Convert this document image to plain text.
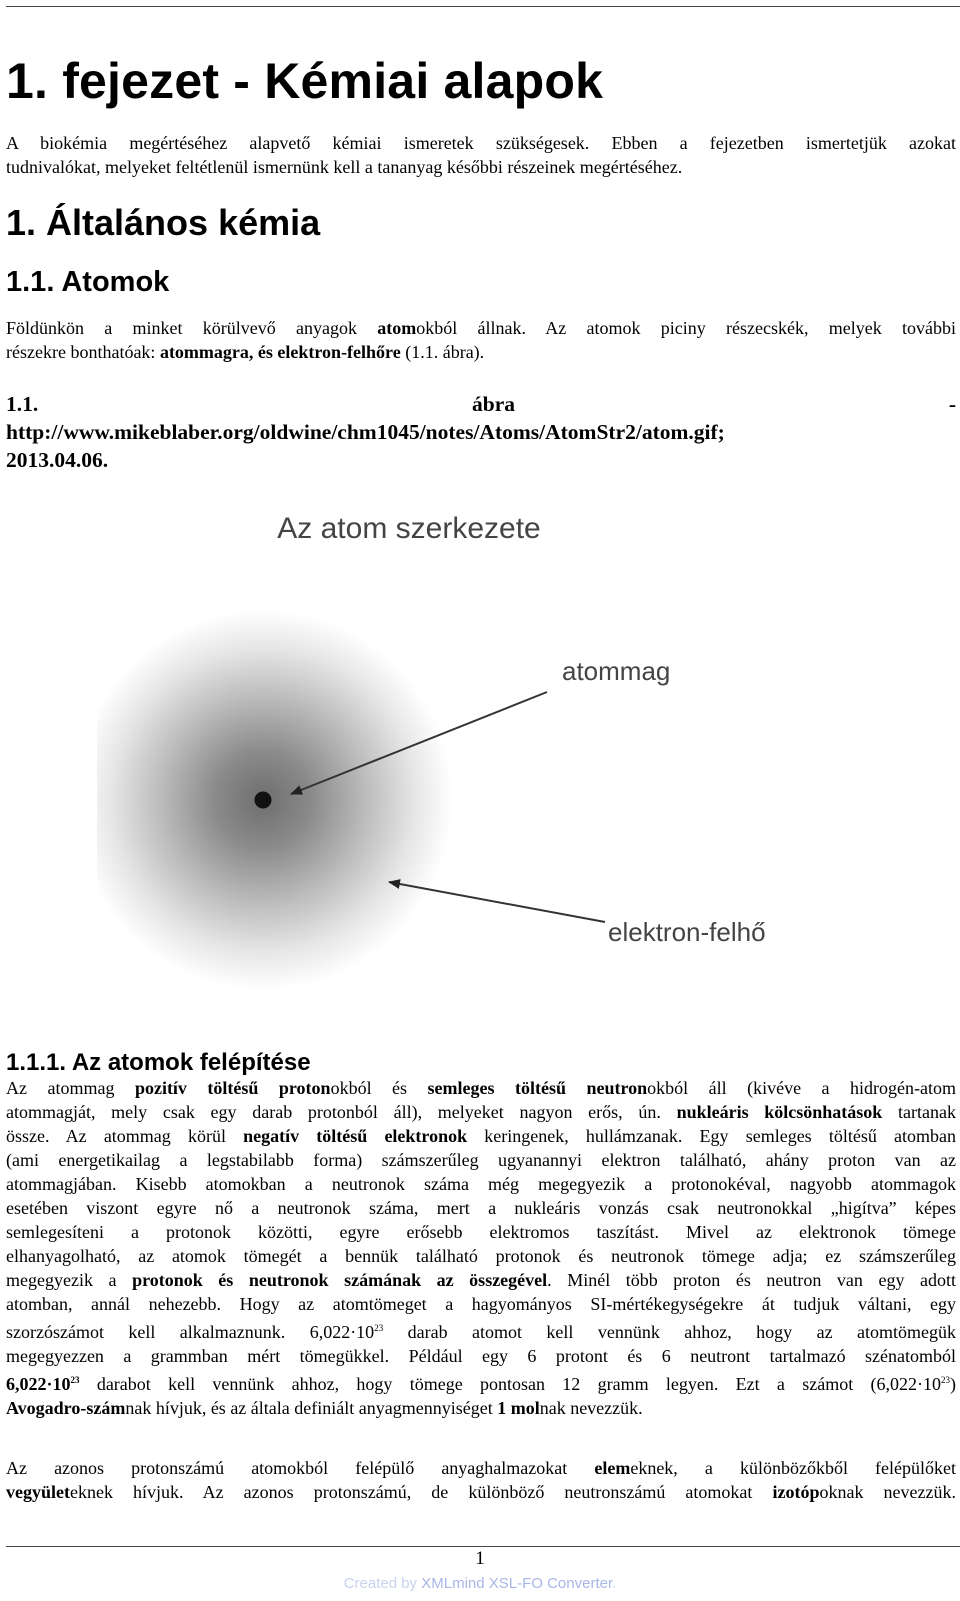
1. fejezet - Kémiai alapok

A biokémia megértéséhez alapvető kémiai ismeretek szükségesek. Ebben a fejezetben ismertetjük azokat
tudnivalókat, melyeket feltétlenül ismernünk kell a tananyag későbbi részeinek megértéséhez.

1. Általános kémia
1.1. Atomok

Földünkön a minket körülvevő anyagok atomokból állnak. Az atomok piciny részecskék, melyek további
részekre bonthatóak: atommagra, és elektron-felhőre (1.1. ábra).

1.1.	ábra	-
http://www.mikeblaber.org/oldwine/chm1045/notes/Atoms/AtomStr2/atom.gif;
2013.04.06.
Az atom szerkezete
atommag
elektron-felhő
1.1.1. Az atomok felépítése

Az atommag pozitív töltésű protonokból és semleges töltésű neutronokból áll (kivéve a hidrogén-atom
atommagját, mely csak egy darab protonból áll), melyeket nagyon erős, ún. nukleáris kölcsönhatások tartanak
össze. Az atommag körül negatív töltésű elektronok keringenek, hullámzanak. Egy semleges töltésű atomban
(ami energetikailag a legstabilabb forma) számszerűleg ugyanannyi elektron található, ahány proton van az
atommagjában. Kisebb atomokban a neutronok száma még megegyezik a protonokéval, nagyobb atommagok
esetében viszont egyre nő a neutronok száma, mert a nukleáris vonzás csak neutronokkal „higítva” képes
semlegesíteni a protonok közötti, egyre erősebb elektromos taszítást. Mivel az elektronok tömege
elhanyagolható, az atomok tömegét a bennük található protonok és neutronok tömege adja; ez számszerűleg
megegyezik a protonok és neutronok számának az összegével. Minél több proton és neutron van egy adott
atomban, annál nehezebb. Hogy az atomtömeget a hagyományos SI-mértékegységekre át tudjuk váltani, egy
szorzószámot kell alkalmaznunk. $6,022\cdot 10^{23}$ darab atomot kell vennünk ahhoz, hogy az atomtömegük
megegyezzen a grammban mért tömegükkel. Például egy 6 protont és 6 neutront tartalmazó szénatomból
$6,022\cdot 10^{23}$ darabot kell vennünk ahhoz, hogy tömege pontosan 12 gramm legyen. Ezt a számot $(6,022\cdot 10^{23})$
Avogadro-számnak hívjuk, és az általa definiált anyagmennyiséget 1 molnak nevezzük.

Az azonos protonszámú atomokból felépülő anyaghalmazokat elemeknek, a különbözőkből felépülőket
vegyületeknek hívjuk. Az azonos protonszámú, de különböző neutronszámú atomokat izotópoknak nevezzük.

1
Created by XMLmind XSL-FO Converter.
